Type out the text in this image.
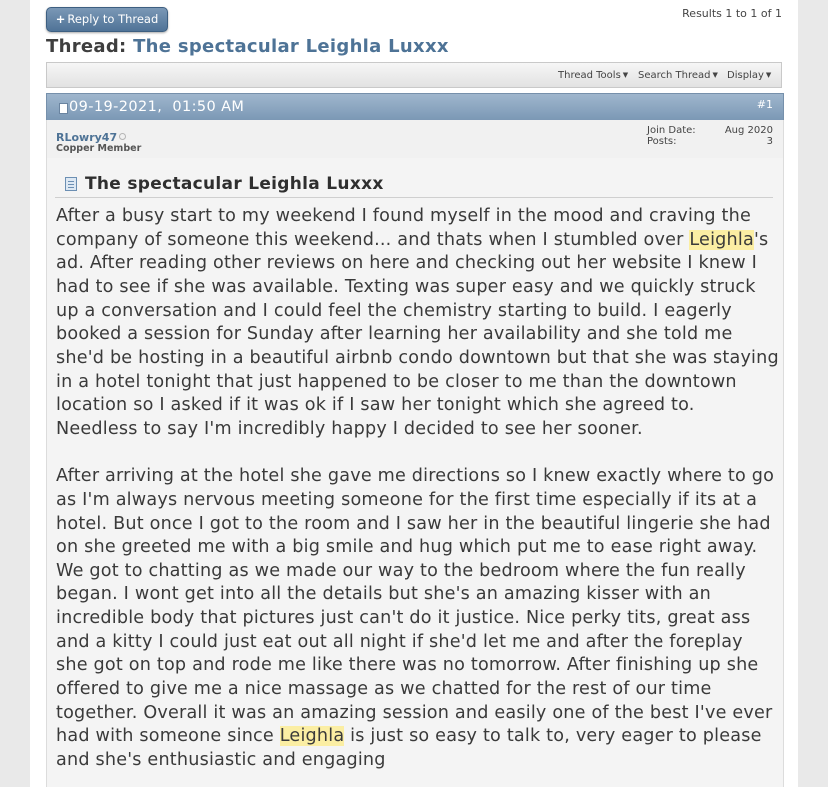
+ Reply to Thread	Results 1 to 1 of 1
Thread: The spectacular Leighla Luxxx
Thread Tools ▼ Search Thread ▼ Display ▼
09-19-2021, 01:50 AM	#1
RLowry47
Copper Member
Join Date:	Aug 2020
Posts:	3
The spectacular Leighla Luxxx

After a busy start to my weekend I found myself in the mood and craving the company of someone this weekend... and thats when I stumbled over Leighla's ad. After reading other reviews on here and checking out her website I knew I had to see if she was available. Texting was super easy and we quickly struck up a conversation and I could feel the chemistry starting to build. I eagerly booked a session for Sunday after learning her availability and she told me she'd be hosting in a beautiful airbnb condo downtown but that she was staying in a hotel tonight that just happened to be closer to me than the downtown location so I asked if it was ok if I saw her tonight which she agreed to. Needless to say I'm incredibly happy I decided to see her sooner.

After arriving at the hotel she gave me directions so I knew exactly where to go as I'm always nervous meeting someone for the first time especially if its at a hotel. But once I got to the room and I saw her in the beautiful lingerie she had on she greeted me with a big smile and hug which put me to ease right away. We got to chatting as we made our way to the bedroom where the fun really began. I wont get into all the details but she's an amazing kisser with an incredible body that pictures just can't do it justice. Nice perky tits, great ass and a kitty I could just eat out all night if she'd let me and after the foreplay she got on top and rode me like there was no tomorrow. After finishing up she offered to give me a nice massage as we chatted for the rest of our time together. Overall it was an amazing session and easily one of the best I've ever had with someone since Leighla is just so easy to talk to, very eager to please and she's enthusiastic and engaging
